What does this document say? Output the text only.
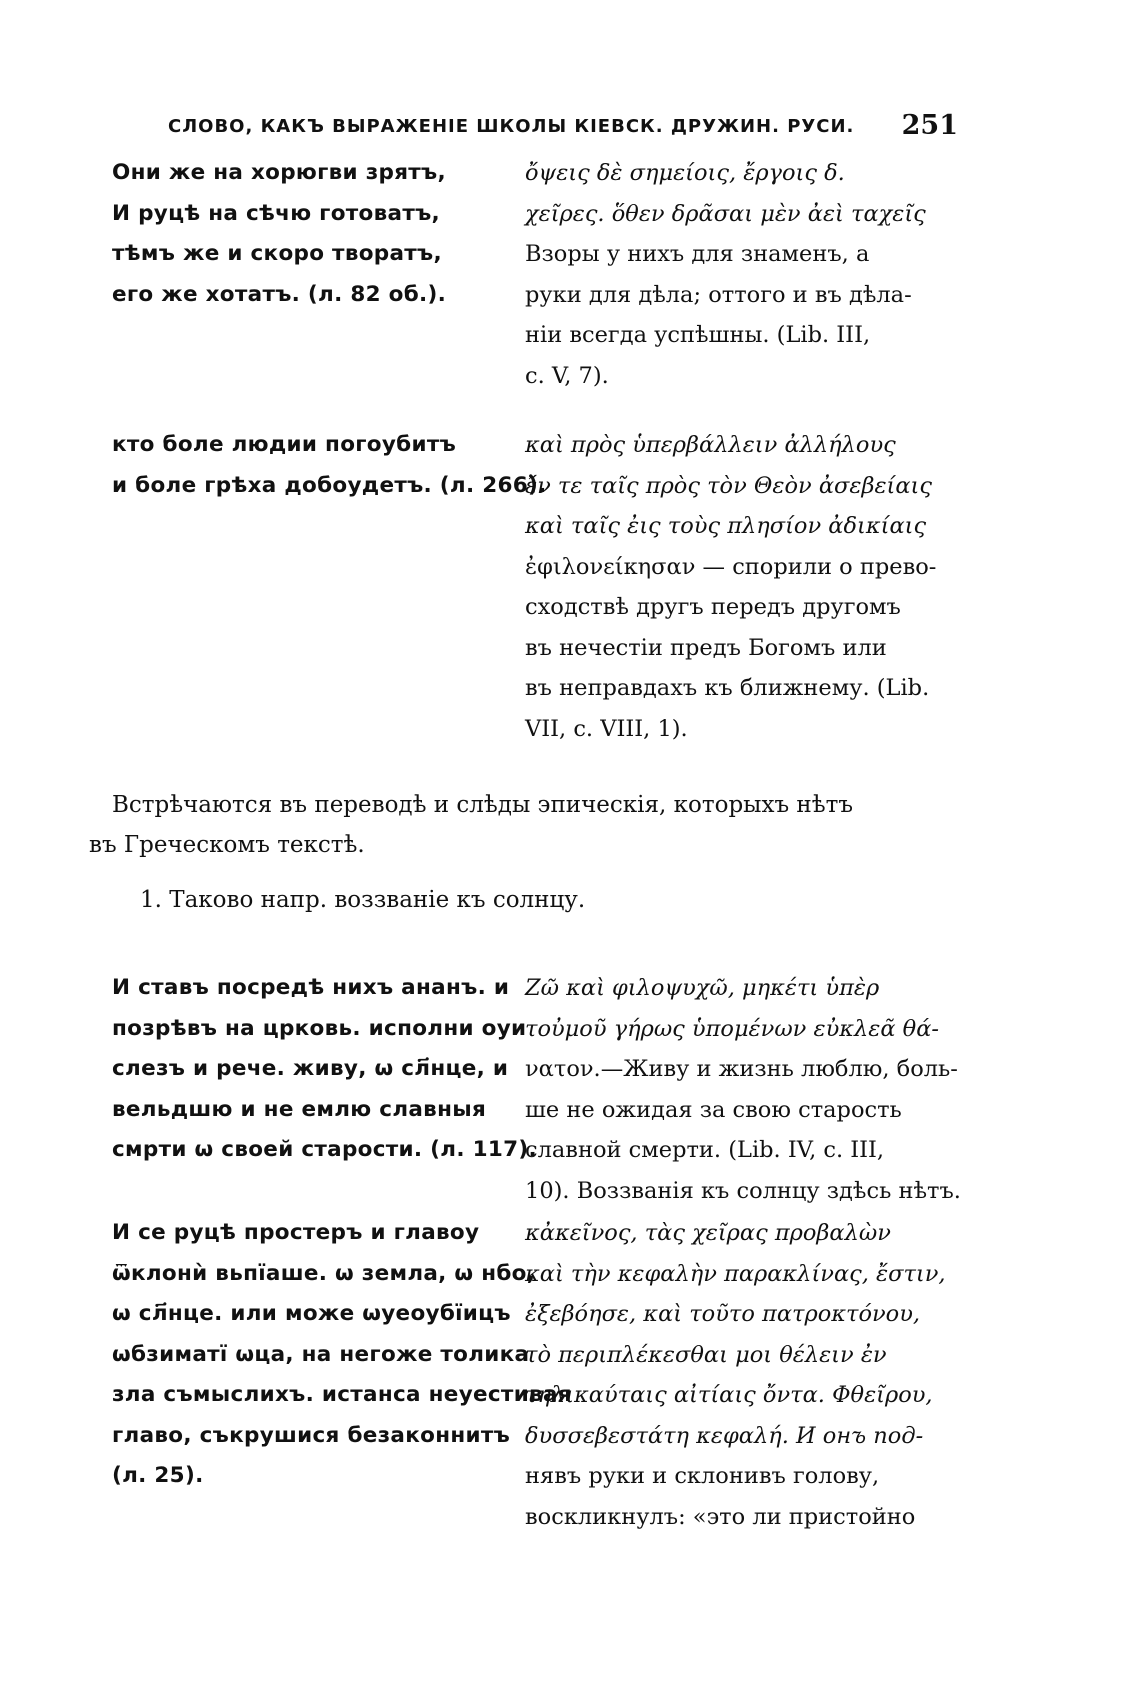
СЛОВО, КАКЪ ВЫРАЖЕНІЕ ШКОЛЫ КІЕВСК. ДРУЖИН. РУСИ. 251
Они же на хорюгви зрятъ,
И руцѣ на сѣчю готоватъ,
тѣмъ же и скоро творатъ,
его же хотатъ. (л. 82 об.).
ὄψεις δὲ σημείοις, ἔργοις δ.
χεῖρες. ὅθεν δρᾶσαι μὲν ἀεὶ ταχεῖς
Взоры у нихъ для знаменъ, а
руки для дѣла; оттого и въ дѣла-
ніи всегда успѣшны. (Lib. III,
c. V, 7).
кто боле людии погоубитъ
и боле грѣха добоудетъ. (л. 266).
καὶ πρὸς ὑπερβάλλειν ἀλλήλους
ἔν τε ταῖς πρὸς τὸν Θεὸν ἀσεβείαις
καὶ ταῖς ἐις τοὺς πλησίον ἀδικίαις
ἐφιλονείκησαν — спорили о прево-
сходствѣ другъ передъ другомъ
въ нечестіи предъ Богомъ или
въ неправдахъ къ ближнему. (Lib.
VII, c. VIII, 1).
Встрѣчаются въ переводѣ и слѣды эпическія, которыхъ нѣтъ
въ Греческомъ текстѣ.
1. Таково напр. воззваніе къ солнцу.
И ставъ посредѣ нихъ ананъ. и
позрѣвъ на црковь. исполни оуи
слезъ и рече. живу, ѡ сл҃нце, и
вельдшю и не емлю славныя
смрти ѡ своей старости. (л. 117).
Ζῶ καὶ φιλοψυχῶ, μηκέτι ὑπὲρ
τοὐμοῦ γήρως ὑπομένων εὐκλεᾶ θά-
νατον.—Живу и жизнь люблю, боль-
ше не ожидая за свою старость
славной смерти. (Lib. IV, c. III,
10). Воззванія къ солнцу здѣсь нѣтъ.
И се руцѣ простеръ и главоу
ѿклонѝ вьпїаше. ѡ земла, ѡ нбо,
ѡ сл҃нце. или може ѡуеоубїицъ
ѡбзиматї ѡца, на негоже толика
зла съмыслихъ. истанса неуестивая
главо, съкрушися безаконнитъ
(л. 25).
κἀκεῖνος, τὰς χεῖρας προβαλὼν
καὶ τὴν κεφαλὴν παρακλίνας, ἔστιν,
ἐξεβόησε, καὶ τοῦτο πατροκτόνου,
τὸ περιπλέκεσθαι μοι θέλειν ἐν
τηλικαύταις αἰτίαις ὄντα. Φθεῖρου,
δυσσεβεστάτη κεφαλή. И онъ под-
нявъ руки и склонивъ голову,
воскликнулъ: «это ли пристойно
